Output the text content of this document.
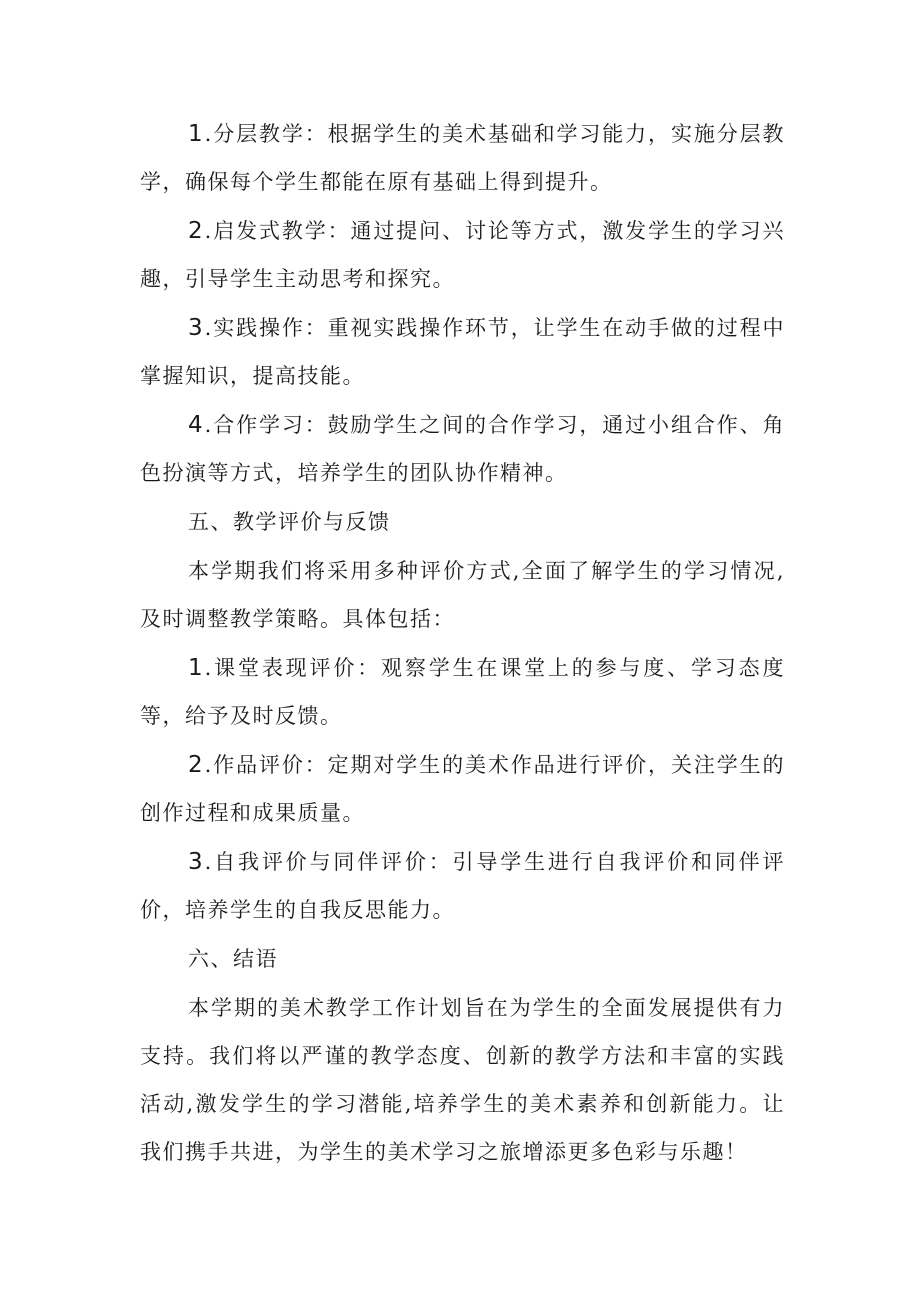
1.分层教学：根据学生的美术基础和学习能力，实施分层教学，确保每个学生都能在原有基础上得到提升。

2.启发式教学：通过提问、讨论等方式，激发学生的学习兴趣，引导学生主动思考和探究。

3.实践操作：重视实践操作环节，让学生在动手做的过程中掌握知识，提高技能。

4.合作学习：鼓励学生之间的合作学习，通过小组合作、角色扮演等方式，培养学生的团队协作精神。

五、教学评价与反馈

本学期我们将采用多种评价方式,全面了解学生的学习情况,及时调整教学策略。具体包括：

1.课堂表现评价：观察学生在课堂上的参与度、学习态度等，给予及时反馈。

2.作品评价：定期对学生的美术作品进行评价，关注学生的创作过程和成果质量。

3.自我评价与同伴评价：引导学生进行自我评价和同伴评价，培养学生的自我反思能力。

六、结语

本学期的美术教学工作计划旨在为学生的全面发展提供有力支持。我们将以严谨的教学态度、创新的教学方法和丰富的实践活动,激发学生的学习潜能,培养学生的美术素养和创新能力。让我们携手共进，为学生的美术学习之旅增添更多色彩与乐趣！
